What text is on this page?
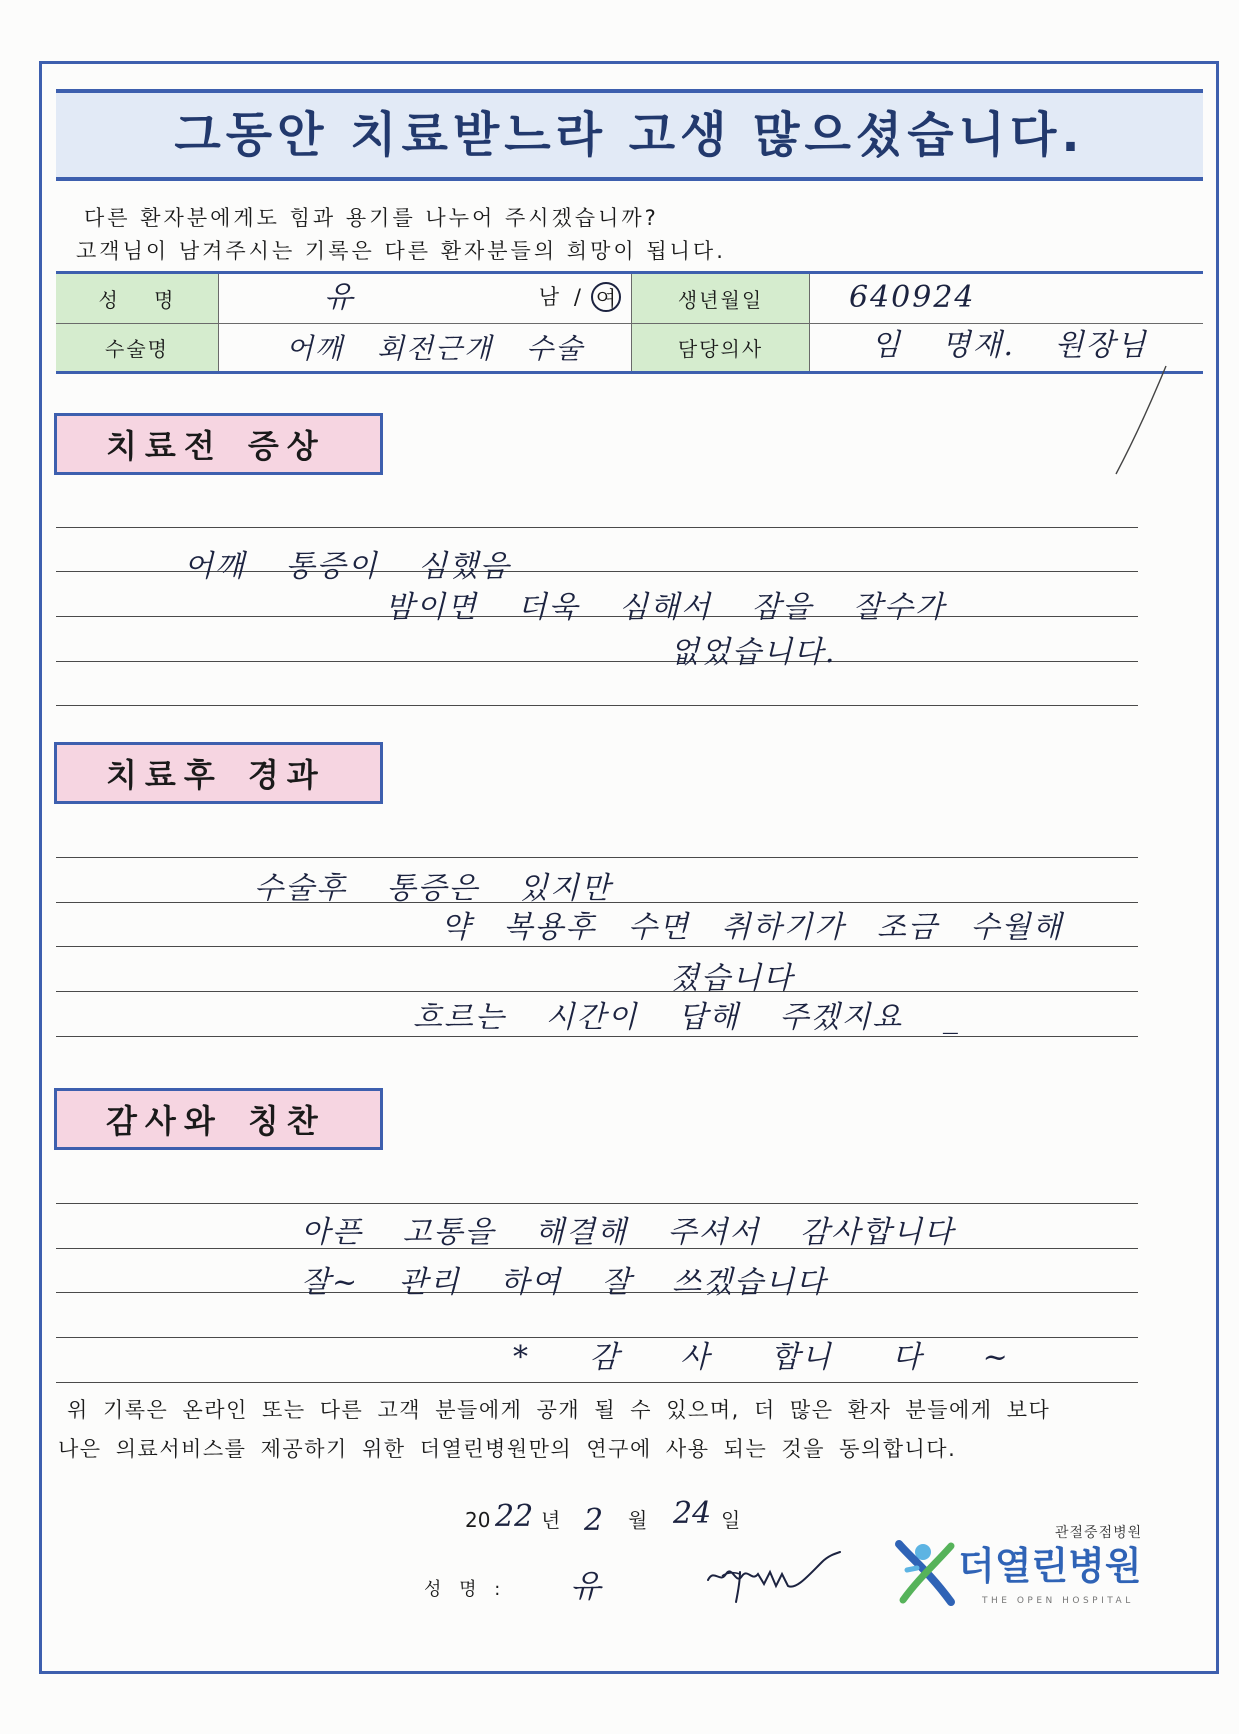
그동안 치료받느라 고생 많으셨습니다.

다른 환자분에게도 힘과 용기를 나누어 주시겠습니까?

고객님이 남겨주시는 기록은 다른 환자분들의 희망이 됩니다.

성 명	유	남 / 여	생년월일	640924
수술명	어깨 회전근개 수술	담당의사	임 명재. 원장님
치료전 증상
어깨 통증이 심했음
밤이면 더욱 심해서 잠을 잘수가
없었습니다.
치료후 경과
수술후 통증은 있지만
약 복용후 수면 취하기가 조금 수월해
졌습니다
흐르는 시간이 답해 주겠지요 _
감사와 칭찬
아픈 고통을 해결해 주셔서 감사합니다
잘~ 관리 하여 잘 쓰겠습니다
* 감 사 합니 다 ~

위 기록은 온라인 또는 다른 고객 분들에게 공개 될 수 있으며, 더 많은 환자 분들에게 보다

나은 의료서비스를 제공하기 위한 더열린병원만의 연구에 사용 되는 것을 동의합니다.

20 22 년 2 월 24 일
성 명 : 유
관절중점병원
더열린병원
THE OPEN HOSPITAL
